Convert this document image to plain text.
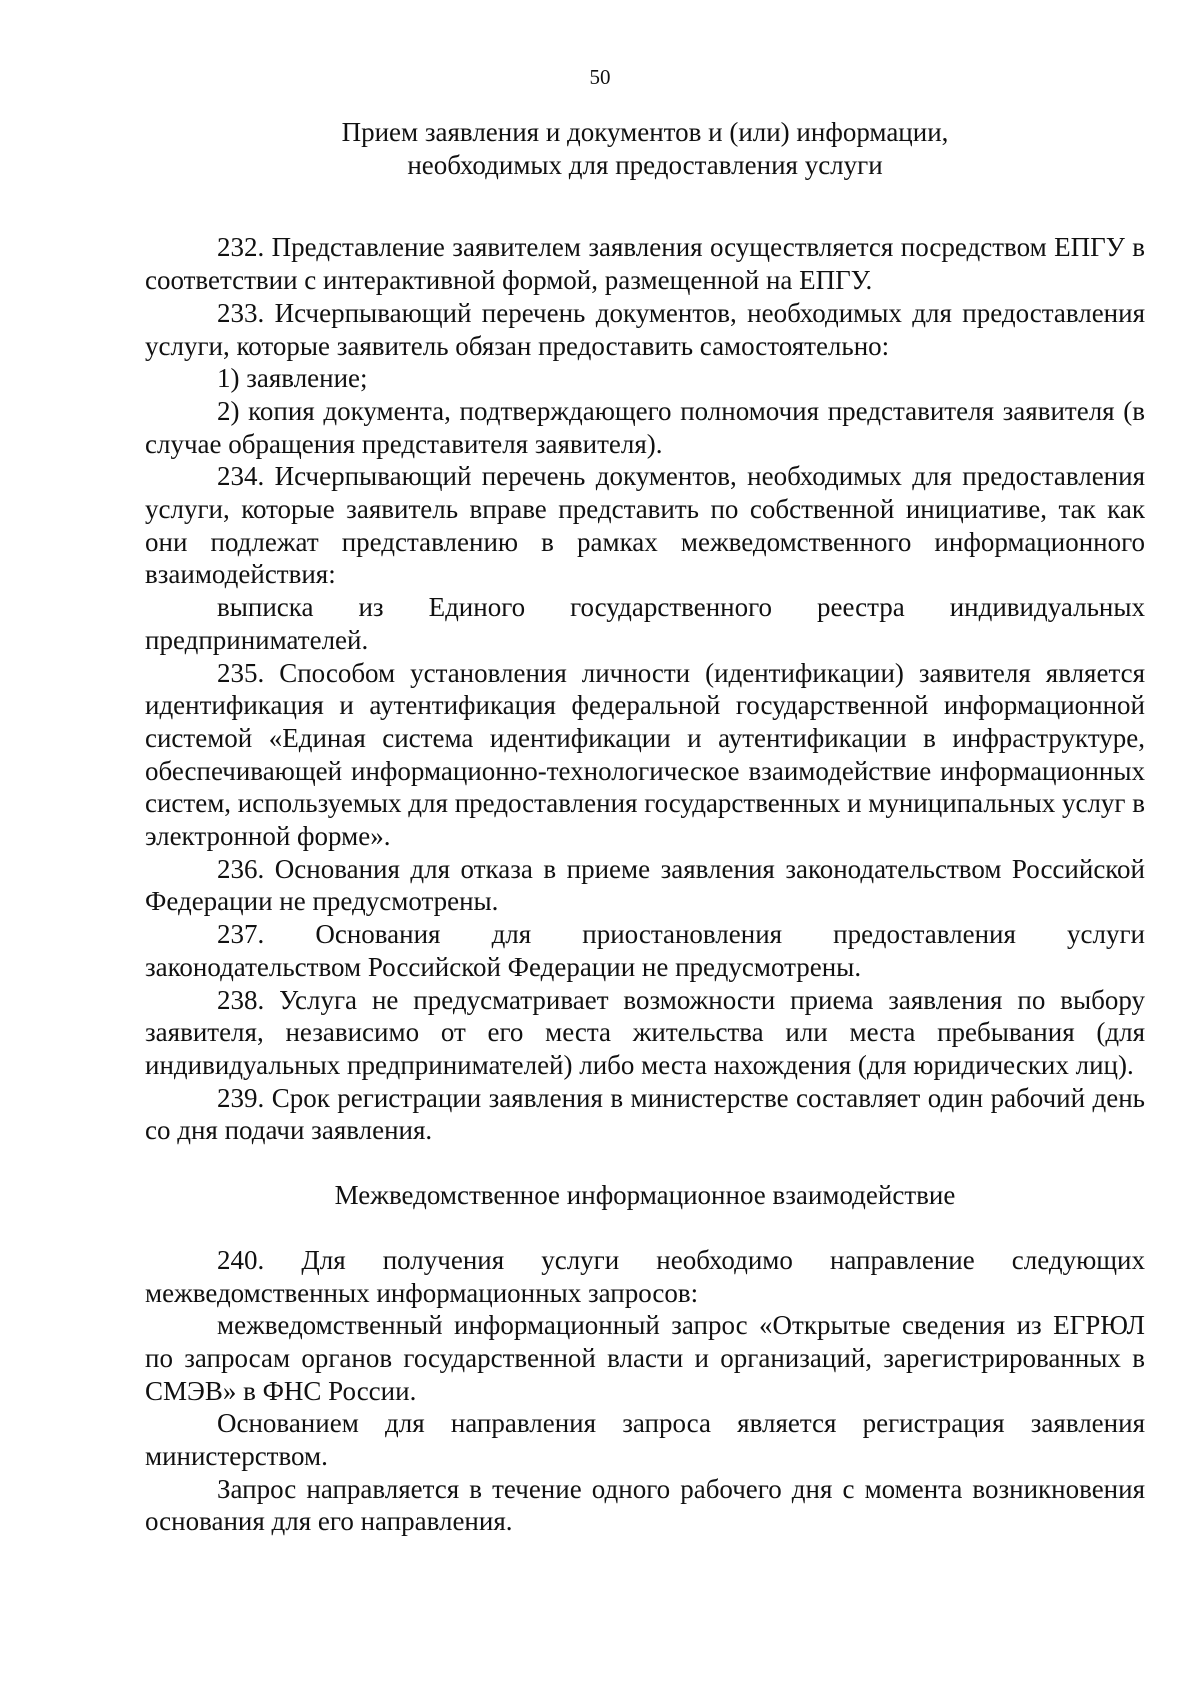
50
Прием заявления и документов и (или) информации,
необходимых для предоставления услуги

232. Представление заявителем заявления осуществляется посредством ЕПГУ в соответствии с интерактивной формой, размещенной на ЕПГУ.

233. Исчерпывающий перечень документов, необходимых для предоставления услуги, которые заявитель обязан предоставить самостоятельно:

1) заявление;

2) копия документа, подтверждающего полномочия представителя заявителя (в случае обращения представителя заявителя).

234. Исчерпывающий перечень документов, необходимых для предоставления услуги, которые заявитель вправе представить по собственной инициативе, так как они подлежат представлению в рамках межведомственного информационного взаимодействия:

выписка из Единого государственного реестра индивидуальных предпринимателей.

235. Способом установления личности (идентификации) заявителя является идентификация и аутентификация федеральной государственной информационной системой «Единая система идентификации и аутентификации в инфраструктуре, обеспечивающей информационно-технологическое взаимодействие информационных систем, используемых для предоставления государственных и муниципальных услуг в электронной форме».

236. Основания для отказа в приеме заявления законодательством Российской Федерации не предусмотрены.

237. Основания для приостановления предоставления услуги законодательством Российской Федерации не предусмотрены.

238. Услуга не предусматривает возможности приема заявления по выбору заявителя, независимо от его места жительства или места пребывания (для индивидуальных предпринимателей) либо места нахождения (для юридических лиц).

239. Срок регистрации заявления в министерстве составляет один рабочий день со дня подачи заявления.

Межведомственное информационное взаимодействие

240. Для получения услуги необходимо направление следующих межведомственных информационных запросов:

межведомственный информационный запрос «Открытые сведения из ЕГРЮЛ по запросам органов государственной власти и организаций, зарегистрированных в СМЭВ» в ФНС России.

Основанием для направления запроса является регистрация заявления министерством.

Запрос направляется в течение одного рабочего дня с момента возникновения основания для его направления.
